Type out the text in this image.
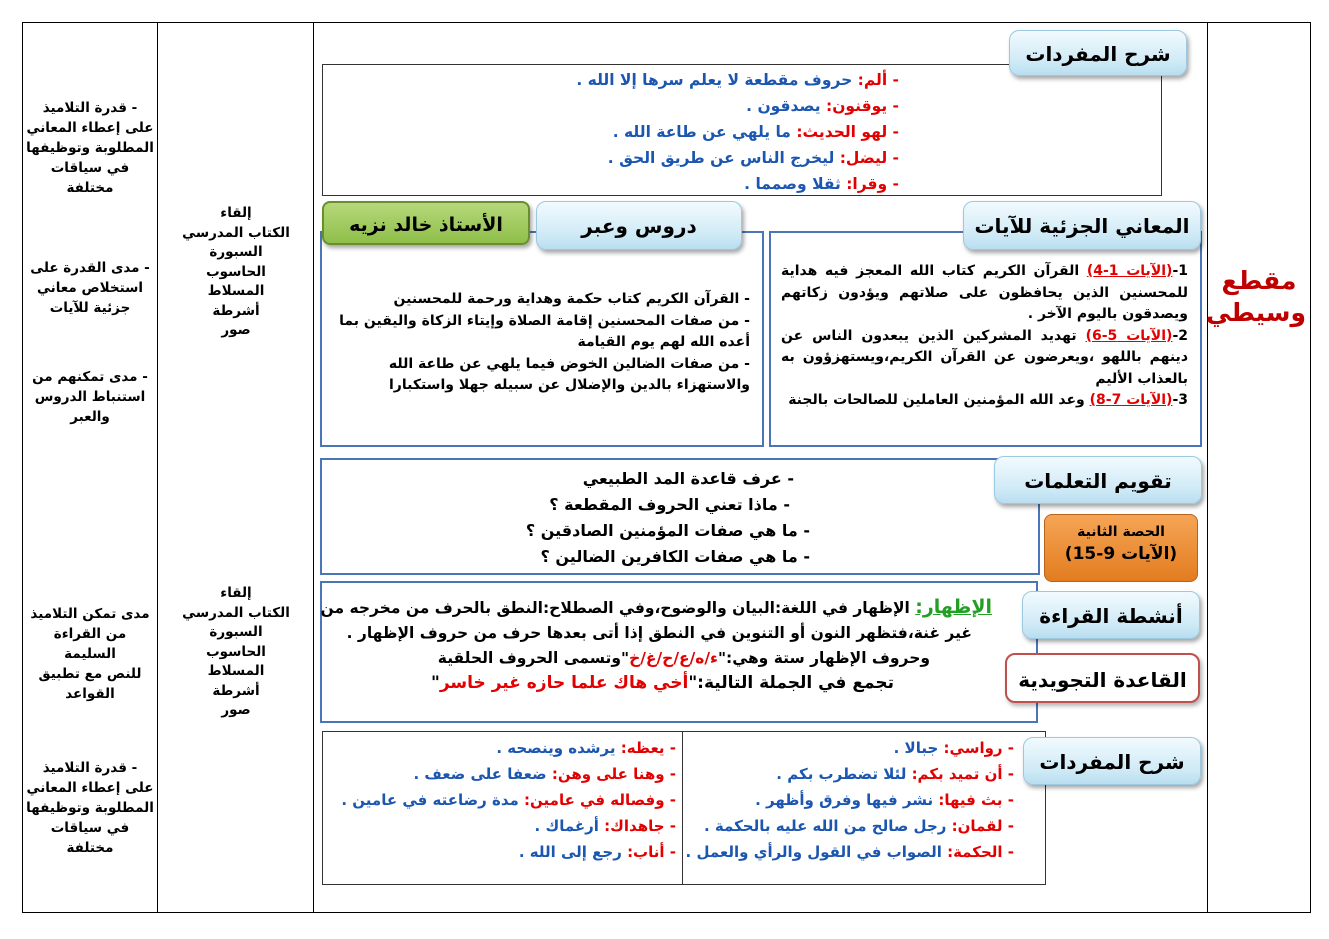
مقطع وسيطي
- قدرة التلاميذ
على إعطاء المعاني
المطلوبة وتوظيفها
في سياقات مختلفة
- مدى القدرة على
استخلاص معاني
جزئية للآيات
- مدى تمكنهم من
استنباط الدروس
والعبر
مدى تمكن التلاميذ
من القراءة السليمة
للنص مع تطبيق
القواعد
- قدرة التلاميذ
على إعطاء المعاني
المطلوبة وتوظيفها
في سياقات مختلفة
إلقاء
الكتاب المدرسي
السبورة
الحاسوب
المسلاط
أشرطة
صور
إلقاء
الكتاب المدرسي
السبورة
الحاسوب
المسلاط
أشرطة
صور
- ألم: حروف مقطعة لا يعلم سرها إلا الله .
- يوقنون: يصدقون .
- لهو الحديث: ما يلهي عن طاعة الله .
- ليضل: ليخرج الناس عن طريق الحق .
- وقرا: ثقلا وصمما .
شرح المفردات
1-(الآيات 1-4) القرآن الكريم كتاب الله المعجز فيه هداية للمحسنين الذين يحافظون على صلاتهم ويؤدون زكاتهم ويصدقون باليوم الآخر .
2-(الآيات 5-6) تهديد المشركين الذين يبعدون الناس عن دينهم باللهو ،ويعرضون عن القرآن الكريم،ويستهزؤون به بالعذاب الأليم
3-(الآيات 7-8) وعد الله المؤمنين العاملين للصالحات بالجنة
المعاني الجزئية للآيات
- القرآن الكريم كتاب حكمة وهداية ورحمة للمحسنين
- من صفات المحسنين إقامة الصلاة وإيتاء الزكاة واليقين بما أعده الله لهم يوم القيامة
- من صفات الضالين الخوض فيما يلهي عن طاعة الله والاستهزاء بالدين والإضلال عن سبيله جهلا واستكبارا
دروس وعبر
الأستاذ خالد نزيه
- عرف قاعدة المد الطبيعي
- ماذا تعني الحروف المقطعة ؟
- ما هي صفات المؤمنين الصادقين ؟
- ما هي صفات الكافرين الضالين ؟
تقويم التعلمات
الحصة الثانية
(الآيات 9-15)
الإظهار: الإظهار في اللغة:البيان والوضوح،وفي الصطلاح:النطق بالحرف من مخرجه من
غير غنة،فتظهر النون أو التنوين في النطق إذا أتى بعدها حرف من حروف الإظهار .
وحروف الإظهار ستة وهي:"ء/ه/ع/ح/غ/خ"وتسمى الحروف الحلقية
تجمع في الجملة التالية:"أخي هاك علما حازه غير خاسر"
أنشطة القراءة
القاعدة التجويدية
- رواسي: جبالا .
- أن تميد بكم: لئلا تضطرب بكم .
- بث فيها: نشر فيها وفرق وأظهر .
- لقمان: رجل صالح من الله عليه بالحكمة .
- الحكمة: الصواب في القول والرأي والعمل .
- يعظه: يرشده وينصحه .
- وهنا على وهن: ضعفا على ضعف .
- وفصاله في عامين: مدة رضاعته في عامين .
- جاهداك: أرغماك .
- أناب: رجع إلى الله .
شرح المفردات
